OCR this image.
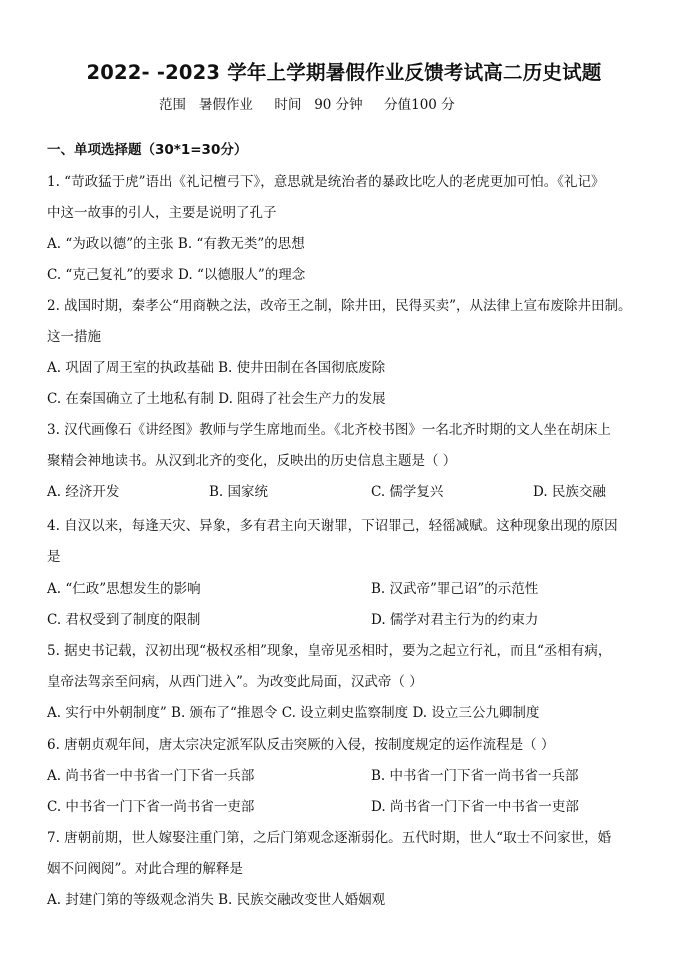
2022- -2023 学年上学期暑假作业反馈考试高二历史试题
范围   暑假作业     时间   90 分钟     分值100 分
一、单项选择题（30*1=30分）
1. “苛政猛于虎”语出《礼记檀弓下》，意思就是统治者的暴政比吃人的老虎更加可怕。《礼记》
中这一故事的引人，主要是说明了孔子
A. “为政以德”的主张 B. “有教无类”的思想
C. “克己复礼”的要求 D. “以德服人”的理念
2. 战国时期，秦孝公“用商鞅之法，改帝王之制，除井田，民得买卖”，从法律上宣布废除井田制。
这一措施
A. 巩固了周王室的执政基础 B. 使井田制在各国彻底废除
C. 在秦国确立了土地私有制 D. 阻碍了社会生产力的发展
3. 汉代画像石《讲经图》教师与学生席地而坐。《北齐校书图》一名北齐时期的文人坐在胡床上
聚精会神地读书。从汉到北齐的变化，反映出的历史信息主题是（ ）
A. 经济开发	B. 国家统	C. 儒学复兴	D. 民族交融
4. 自汉以来，每逢天灾、异象，多有君主向天谢罪，下诏罪己，轻徭减赋。这种现象出现的原因
是
A. “仁政”思想发生的影响	B. 汉武帝”罪己诏”的示范性
C. 君权受到了制度的限制	D. 儒学对君主行为的约束力
5. 据史书记载，汉初出现“极权丞相”现象，皇帝见丞相时，要为之起立行礼，而且“丞相有病，
皇帝法驾亲至问病，从西门进入”。为改变此局面，汉武帝（ ）
A. 实行中外朝制度” B. 颁布了“推恩令 C. 设立刺史监察制度 D. 设立三公九卿制度
6. 唐朝贞观年间，唐太宗决定派军队反击突厥的入侵，按制度规定的运作流程是（ ）
A. 尚书省一中书省一门下省一兵部	B. 中书省一门下省一尚书省一兵部
C. 中书省一门下省一尚书省一吏部	D. 尚书省一门下省一中书省一吏部
7. 唐朝前期，世人嫁娶注重门第，之后门第观念逐渐弱化。五代时期，世人“取士不问家世，婚
姻不问阀阅”。对此合理的解释是
A. 封建门第的等级观念消失 B. 民族交融改变世人婚姻观
